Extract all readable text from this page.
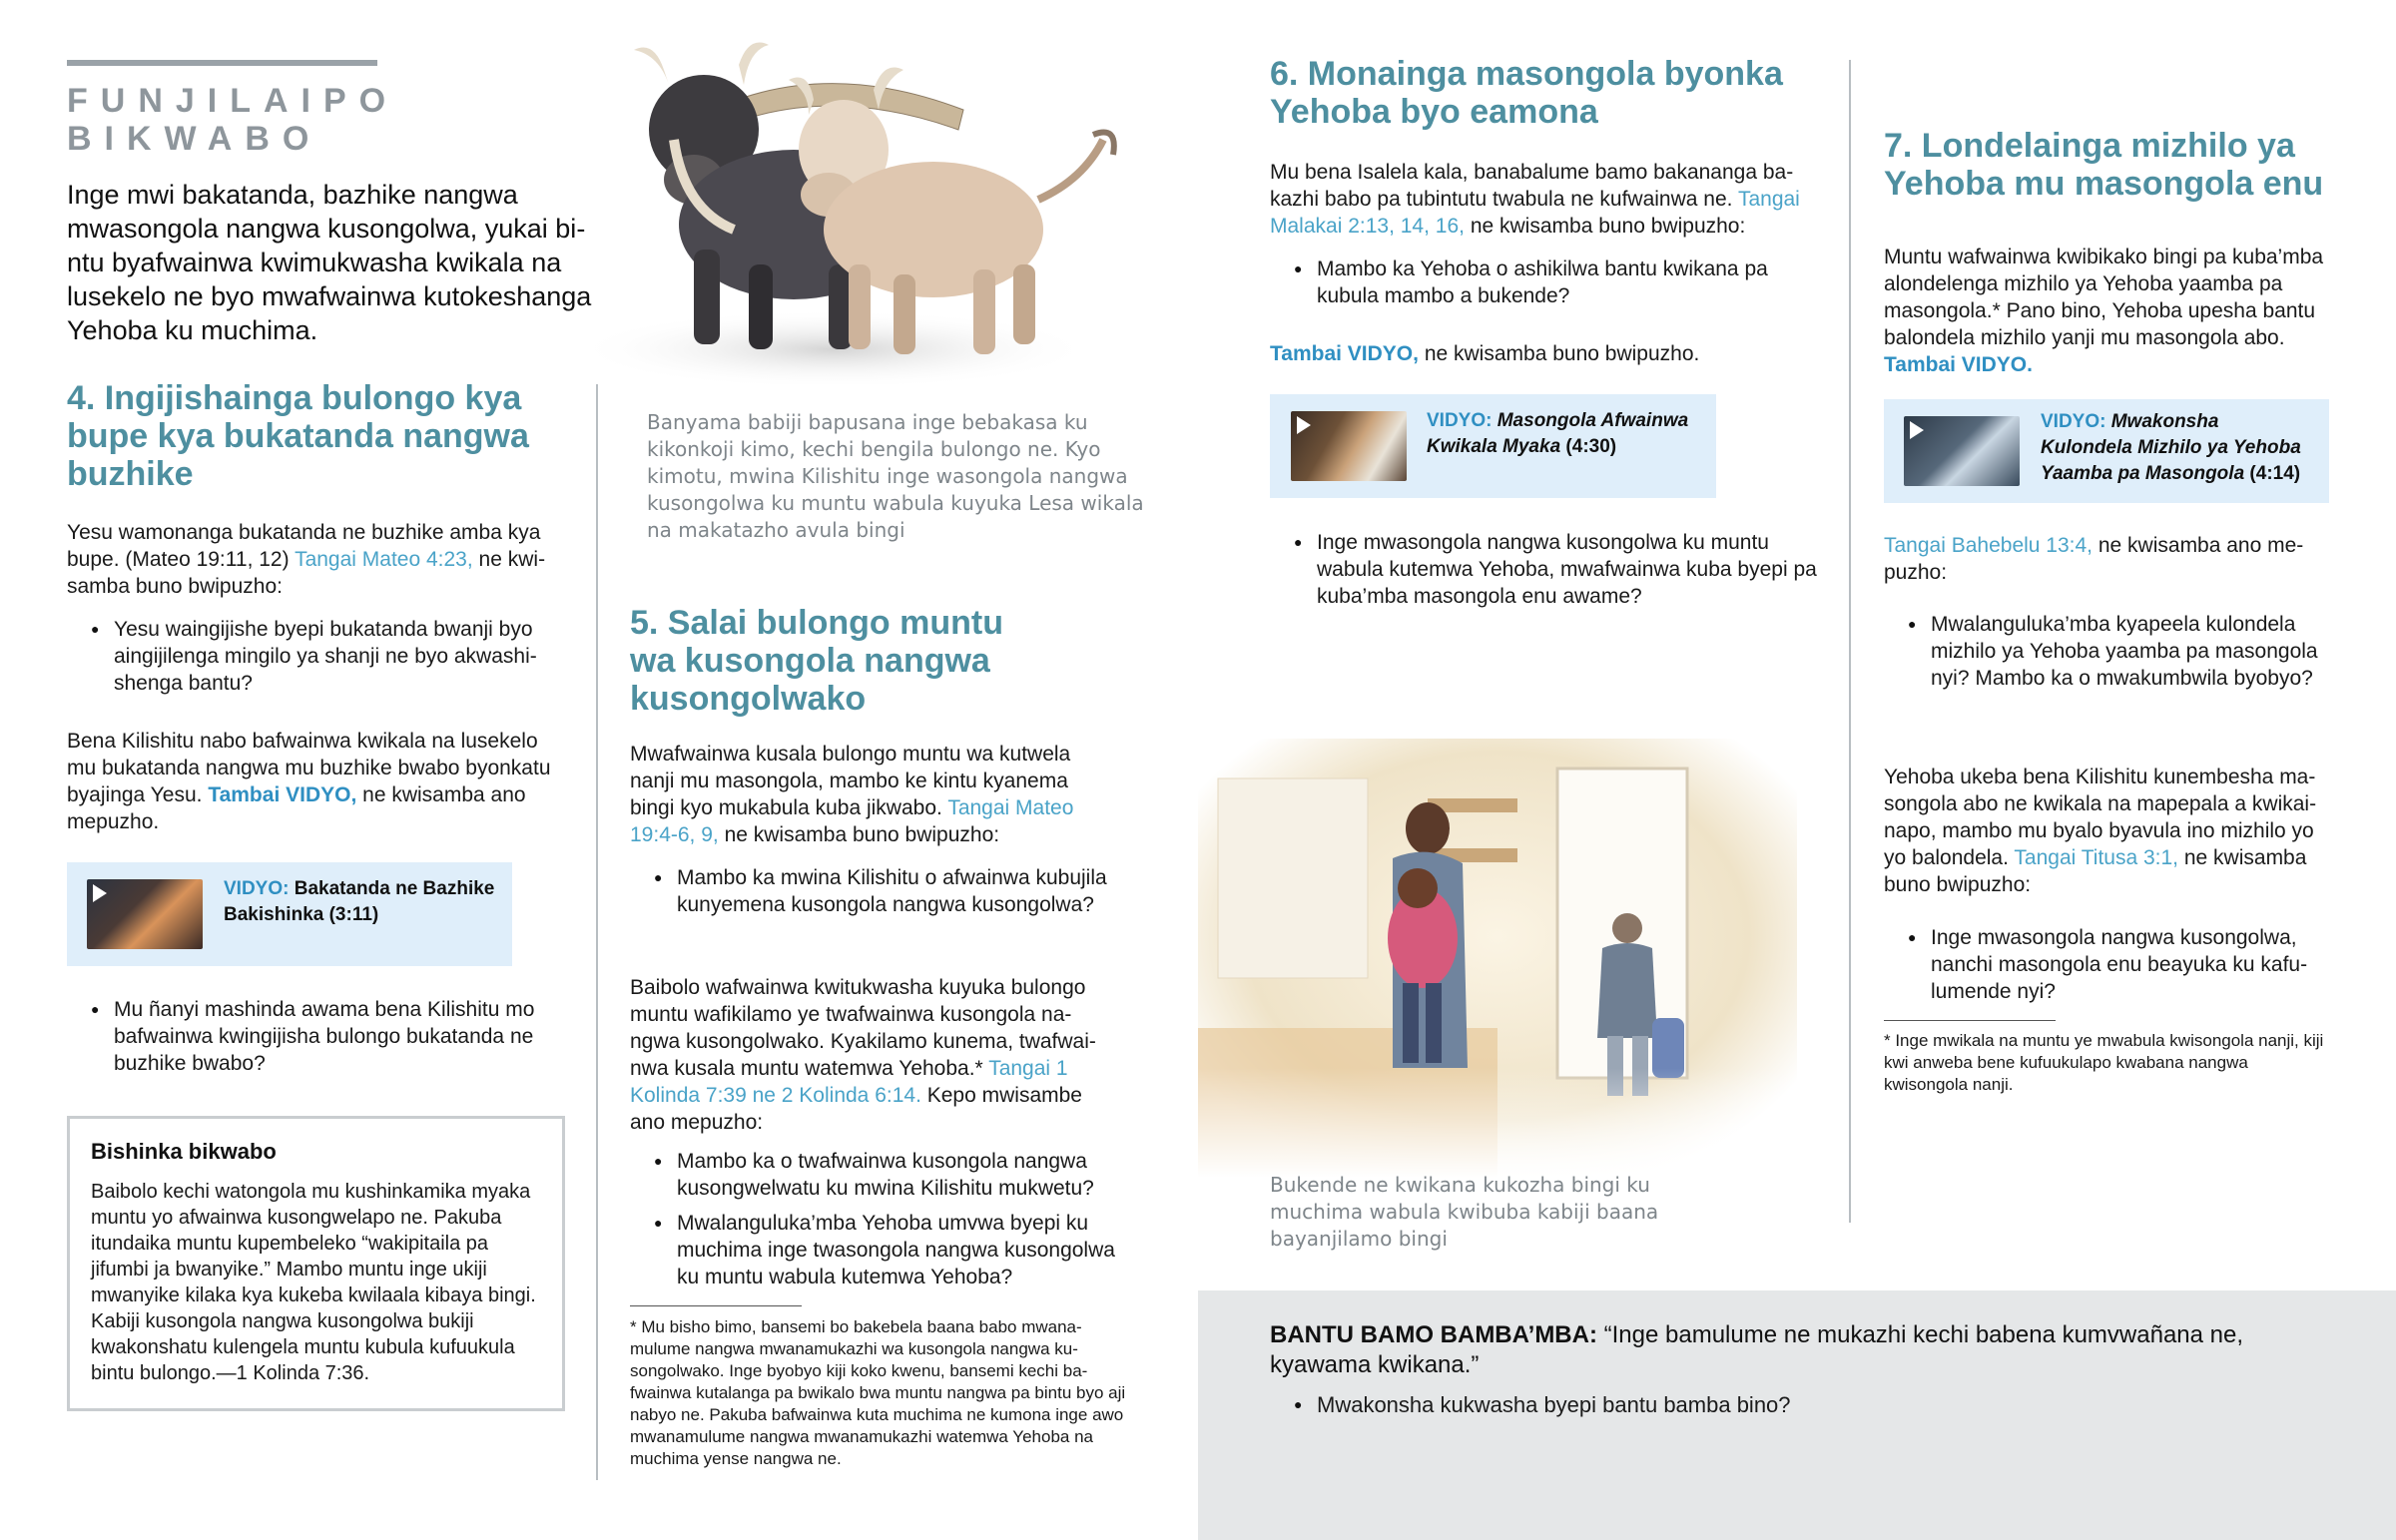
FUNJILAIPO BIKWABO
Inge mwi bakatanda, bazhike nangwa mwasongola nangwa kusongolwa, yukai bintu byafwainwa kwimukwasha kwikala na lusekelo ne byo mwafwainwa kutokeshanga Yehoba ku muchima.
4. Ingijishainga bulongo kya bupe kya bukatanda nangwa buzhike
Yesu wamonanga bukatanda ne buzhike amba kya bupe. (Mateo 19:11, 12) Tangai Mateo 4:23, ne kwisamba buno bwipuzho:
● Yesu waingijishe byepi bukatanda bwanji byo aingijilenga mingilo ya shanji ne byo akwashishenga bantu?
Bena Kilishitu nabo bafwainwa kwikala na lusekelo mu bukatanda nangwa mu buzhike bwabo byonkatu byajinga Yesu. Tambai VIDYO, ne kwisamba ano mepuzho.
VIDYO: Bakatanda ne Bazhike Bakishinka (3:11)
● Mu ñanyi mashinda awama bena Kilishitu mo bafwainwa kwingijisha bulongo bukatanda ne buzhike bwabo?
Bishinka bikwabo
Baibolo kechi watongola mu kushinkamika myaka muntu yo afwainwa kusongwelapo ne. Pakuba itundaika muntu kupembeleko “wakipitaila pa jifumbi ja bwanyike.” Mambo muntu inge ukiji mwanyike kilaka kya kukeba kwilaala kibaya bingi. Kabiji kusongola nangwa kusongolwa bukiji kwakonshatu kulengela muntu kubula kufuukula bintu bulongo.—1 Kolinda 7:36.
Banyama babiji bapusana inge bebakasa ku kikonkoji kimo, kechi bengila bulongo ne. Kyo kimotu, mwina Kilishitu inge wasongola nangwa kusongolwa ku muntu wabula kuyuka Lesa wikala na makatazho avula bingi
5. Salai bulongo muntu wa kusongola nangwa kusongolwako
Mwafwainwa kusala bulongo muntu wa kutwela nanji mu masongola, mambo ke kintu kyanema bingi kyo mukabula kuba jikwabo. Tangai Mateo 19:4-6, 9, ne kwisamba buno bwipuzho:
● Mambo ka mwina Kilishitu o afwainwa kubujila kunyemena kusongola nangwa kusongolwa?
Baibolo wafwainwa kwitukwasha kuyuka bulongo muntu wafikilamo ye twafwainwa kusongola nangwa kusongolwako. Kyakilamo kunema, twafwainwa kusala muntu watemwa Yehoba.* Tangai 1 Kolinda 7:39 ne 2 Kolinda 6:14. Kepo mwisambe ano mepuzho:
● Mambo ka o twafwainwa kusongola nangwa kusongwelwatu ku mwina Kilishitu mukwetu?
● Mwalanguluka’mba Yehoba umvwa byepi ku muchima inge twasongola nangwa kusongolwa ku muntu wabula kutemwa Yehoba?
* Mu bisho bimo, bansemi bo bakebela baana babo mwanamulume nangwa mwanamukazhi wa kusongola nangwa kusongolwako. Inge byobyo kiji koko kwenu, bansemi kechi bafwainwa kutalanga pa bwikalo bwa muntu nangwa pa bintu byo aji nabyo ne. Pakuba bafwainwa kuta muchima ne kumona inge awo mwanamulume nangwa mwanamukazhi watemwa Yehoba na muchima yense nangwa ne.
6. Monainga masongola byonka Yehoba byo eamona
Mu bena Isalela kala, banabalume bamo bakananga bakazhi babo pa tubintutu twabula ne kufwainwa ne. Tangai Malakai 2:13, 14, 16, ne kwisamba buno bwipuzho:
● Mambo ka Yehoba o ashikilwa bantu kwikana pa kubula mambo a bukende?
Tambai VIDYO, ne kwisamba buno bwipuzho.
VIDYO: Masongola Afwainwa Kwikala Myaka (4:30)
● Inge mwasongola nangwa kusongolwa ku muntu wabula kutemwa Yehoba, mwafwainwa kuba byepi pa kuba’mba masongola enu awame?
Bukende ne kwikana kukozha bingi ku muchima wabula kwibuba kabiji baana bayanjilamo bingi
7. Londelainga mizhilo ya Yehoba mu masongola enu
Muntu wafwainwa kwibikako bingi pa kuba’mba alondelenga mizhilo ya Yehoba yaamba pa masongola.* Pano bino, Yehoba upesha bantu balondela mizhilo yanji mu masongola abo. Tambai VIDYO.
VIDYO: Mwakonsha Kulondela Mizhilo ya Yehoba Yaamba pa Masongola (4:14)
Tangai Bahebelu 13:4, ne kwisamba ano mepuzho:
● Mwalanguluka’mba kyapeela kulondela mizhilo ya Yehoba yaamba pa masongola nyi? Mambo ka o mwakumbwila byobyo?
Yehoba ukeba bena Kilishitu kunembesha masongola abo ne kwikala na mapepala a kwikainapo, mambo mu byalo byavula ino mizhilo yo yo balondela. Tangai Titusa 3:1, ne kwisamba buno bwipuzho:
● Inge mwasongola nangwa kusongolwa, nanchi masongola enu beayuka ku kafulumende nyi?
* Inge mwikala na muntu ye mwabula kwisongola nanji, kiji kwi anweba bene kufuukulapo kwabana nangwa kwisongola nanji.
BANTU BAMO BAMBA’MBA: “Inge bamulume ne mukazhi kechi babena kumvwañana ne, kyawama kwikana.”
● Mwakonsha kukwasha byepi bantu bamba bino?
